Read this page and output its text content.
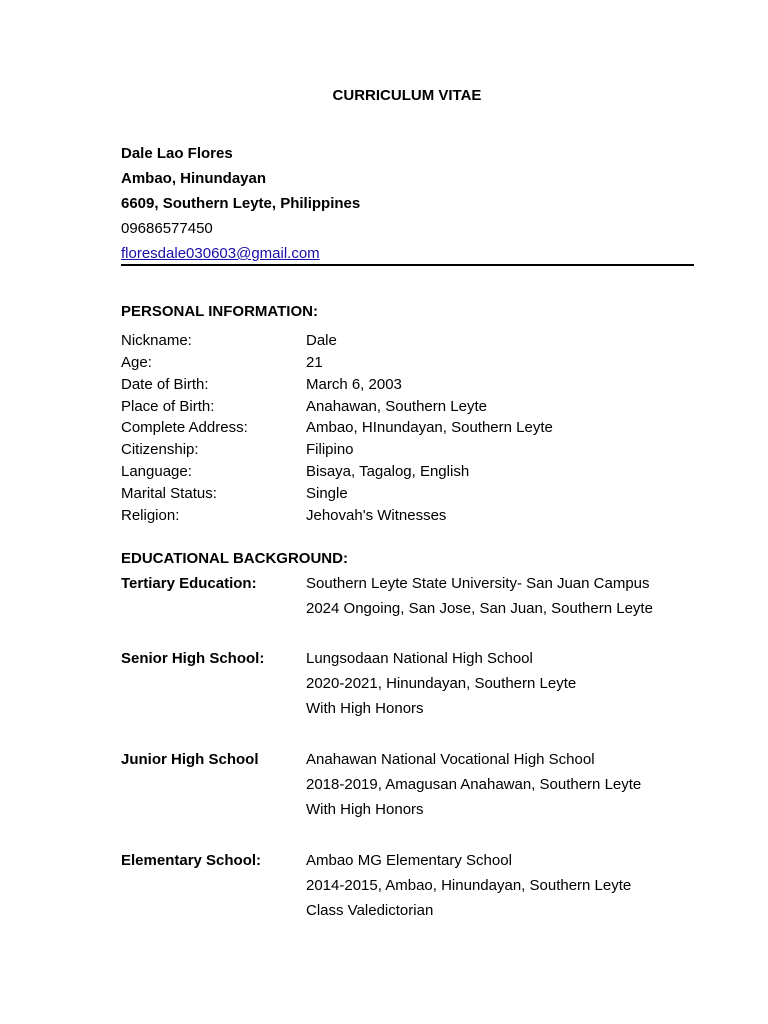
CURRICULUM VITAE
Dale Lao Flores
Ambao, Hinundayan
6609, Southern Leyte, Philippines
09686577450
floresdale030603@gmail.com
PERSONAL INFORMATION:
Nickname:	Dale
Age:	21
Date of Birth:	March 6, 2003
Place of Birth:	Anahawan, Southern Leyte
Complete Address:	Ambao, HInundayan, Southern Leyte
Citizenship:	Filipino
Language:	Bisaya, Tagalog, English
Marital Status:	Single
Religion:	Jehovah's Witnesses
EDUCATIONAL BACKGROUND:
Tertiary Education:	Southern Leyte State University- San Juan Campus
2024 Ongoing, San Jose, San Juan, Southern Leyte
Senior High School:	Lungsodaan National High School
2020-2021, Hinundayan, Southern Leyte
With High Honors
Junior High School	Anahawan National Vocational High School
2018-2019, Amagusan Anahawan, Southern Leyte
With High Honors
Elementary School:	Ambao MG Elementary School
2014-2015, Ambao, Hinundayan, Southern Leyte
Class Valedictorian
